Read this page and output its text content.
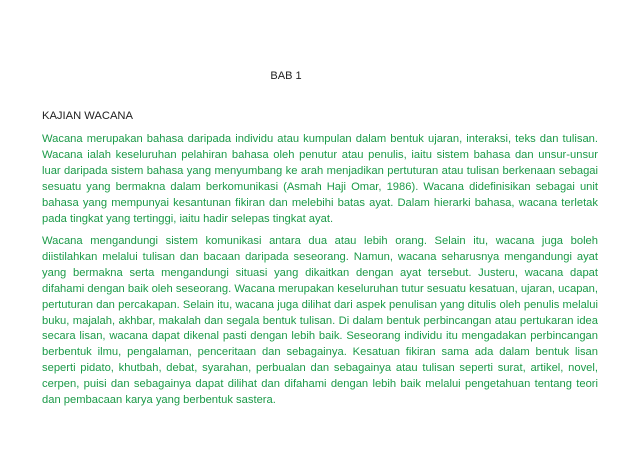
BAB 1
KAJIAN WACANA

Wacana merupakan bahasa daripada individu atau kumpulan dalam bentuk ujaran, interaksi, teks dan tulisan. Wacana ialah keseluruhan pelahiran bahasa oleh penutur atau penulis, iaitu sistem bahasa dan unsur-unsur luar daripada sistem bahasa yang menyumbang ke arah menjadikan pertuturan atau tulisan berkenaan sebagai sesuatu yang bermakna dalam berkomunikasi (Asmah Haji Omar, 1986). Wacana didefinisikan sebagai unit bahasa yang mempunyai kesantunan fikiran dan melebihi batas ayat. Dalam hierarki bahasa, wacana terletak pada tingkat yang tertinggi, iaitu hadir selepas tingkat ayat.

Wacana mengandungi sistem komunikasi antara dua atau lebih orang. Selain itu, wacana juga boleh diistilahkan melalui tulisan dan bacaan daripada seseorang. Namun, wacana seharusnya mengandungi ayat yang bermakna serta mengandungi situasi yang dikaitkan dengan ayat tersebut. Justeru, wacana dapat difahami dengan baik oleh seseorang. Wacana merupakan keseluruhan tutur sesuatu kesatuan, ujaran, ucapan, pertuturan dan percakapan. Selain itu, wacana juga dilihat dari aspek penulisan yang ditulis oleh penulis melalui buku, majalah, akhbar, makalah dan segala bentuk tulisan. Di dalam bentuk perbincangan atau pertukaran idea secara lisan, wacana dapat dikenal pasti dengan lebih baik. Seseorang individu itu mengadakan perbincangan berbentuk ilmu, pengalaman, penceritaan dan sebagainya. Kesatuan fikiran sama ada dalam bentuk lisan seperti pidato, khutbah, debat, syarahan, perbualan dan sebagainya atau tulisan seperti surat, artikel, novel, cerpen, puisi dan sebagainya dapat dilihat dan difahami dengan lebih baik melalui pengetahuan tentang teori dan pembacaan karya yang berbentuk sastera.
